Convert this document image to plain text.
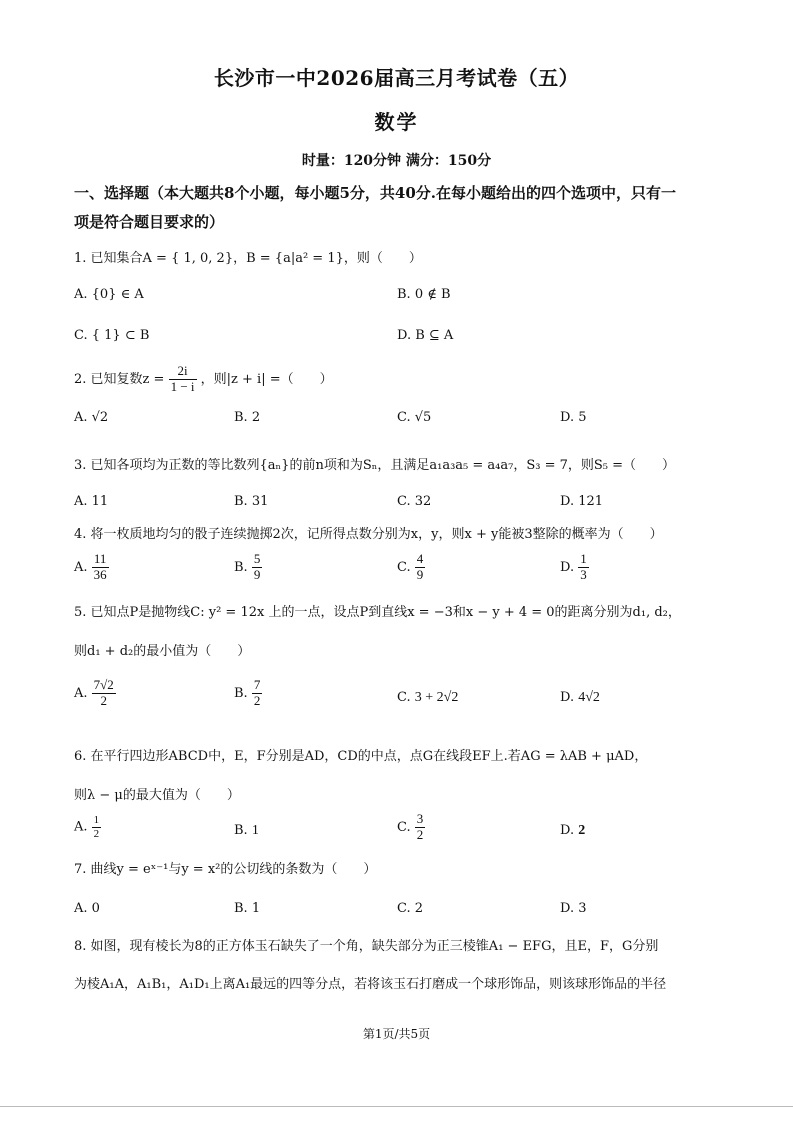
长沙市一中2026届高三月考试卷（五）
数学
时量：120分钟 满分：150分
一、选择题（本大题共8个小题，每小题5分，共40分.在每小题给出的四个选项中，只有一
项是符合题目要求的）
1. 已知集合A = { 1, 0, 2}，B = {a|a² = 1}，则（　　）
A. {0} ∈ A	B. 0 ∉ B
C. { 1} ⊂ B	D. B ⊆ A
2. 已知复数$z = \frac{2i}{1 - i}$ ，则|z + i| =（　　）
A. √2	B. 2	C. √5	D. 5
3. 已知各项均为正数的等比数列{aₙ}的前n项和为Sₙ，且满足a₁a₃a₅ = a₄a₇，S₃ = 7，则S₅ =（　　）
A. 11	B. 31	C. 32	D. 121
4. 将一枚质地均匀的骰子连续抛掷2次，记所得点数分别为x，y，则x + y能被3整除的概率为（　　）
A. $\frac{11}{36}$	B. $\frac{5}{9}$	C. $\frac{4}{9}$	D. $\frac{1}{3}$
5. 已知点P是抛物线C: y² = 12x 上的一点，设点P到直线x = −3和x − y + 4 = 0的距离分别为d₁, d₂，
则d₁ + d₂的最小值为（　　）
A. $\frac{7√2}{2}$	B. $\frac{7}{2}$	C. 3 + 2√2	D. 4√2
6. 在平行四边形ABCD中，E，F分别是AD，CD的中点，点G在线段EF上.若AG = λAB + μAD，
则λ − μ的最大值为（　　）
A. $\frac{1}{2}$	B. 1	C. $\frac{3}{2}$	D. 2
7. 曲线y = eˣ⁻¹与y = x²的公切线的条数为（　　）
A. 0	B. 1	C. 2	D. 3
8. 如图，现有棱长为8的正方体玉石缺失了一个角，缺失部分为正三棱锥A₁ − EFG，且E，F，G分别
为棱A₁A，A₁B₁，A₁D₁上离A₁最远的四等分点，若将该玉石打磨成一个球形饰品，则该球形饰品的半径
第1页/共5页
